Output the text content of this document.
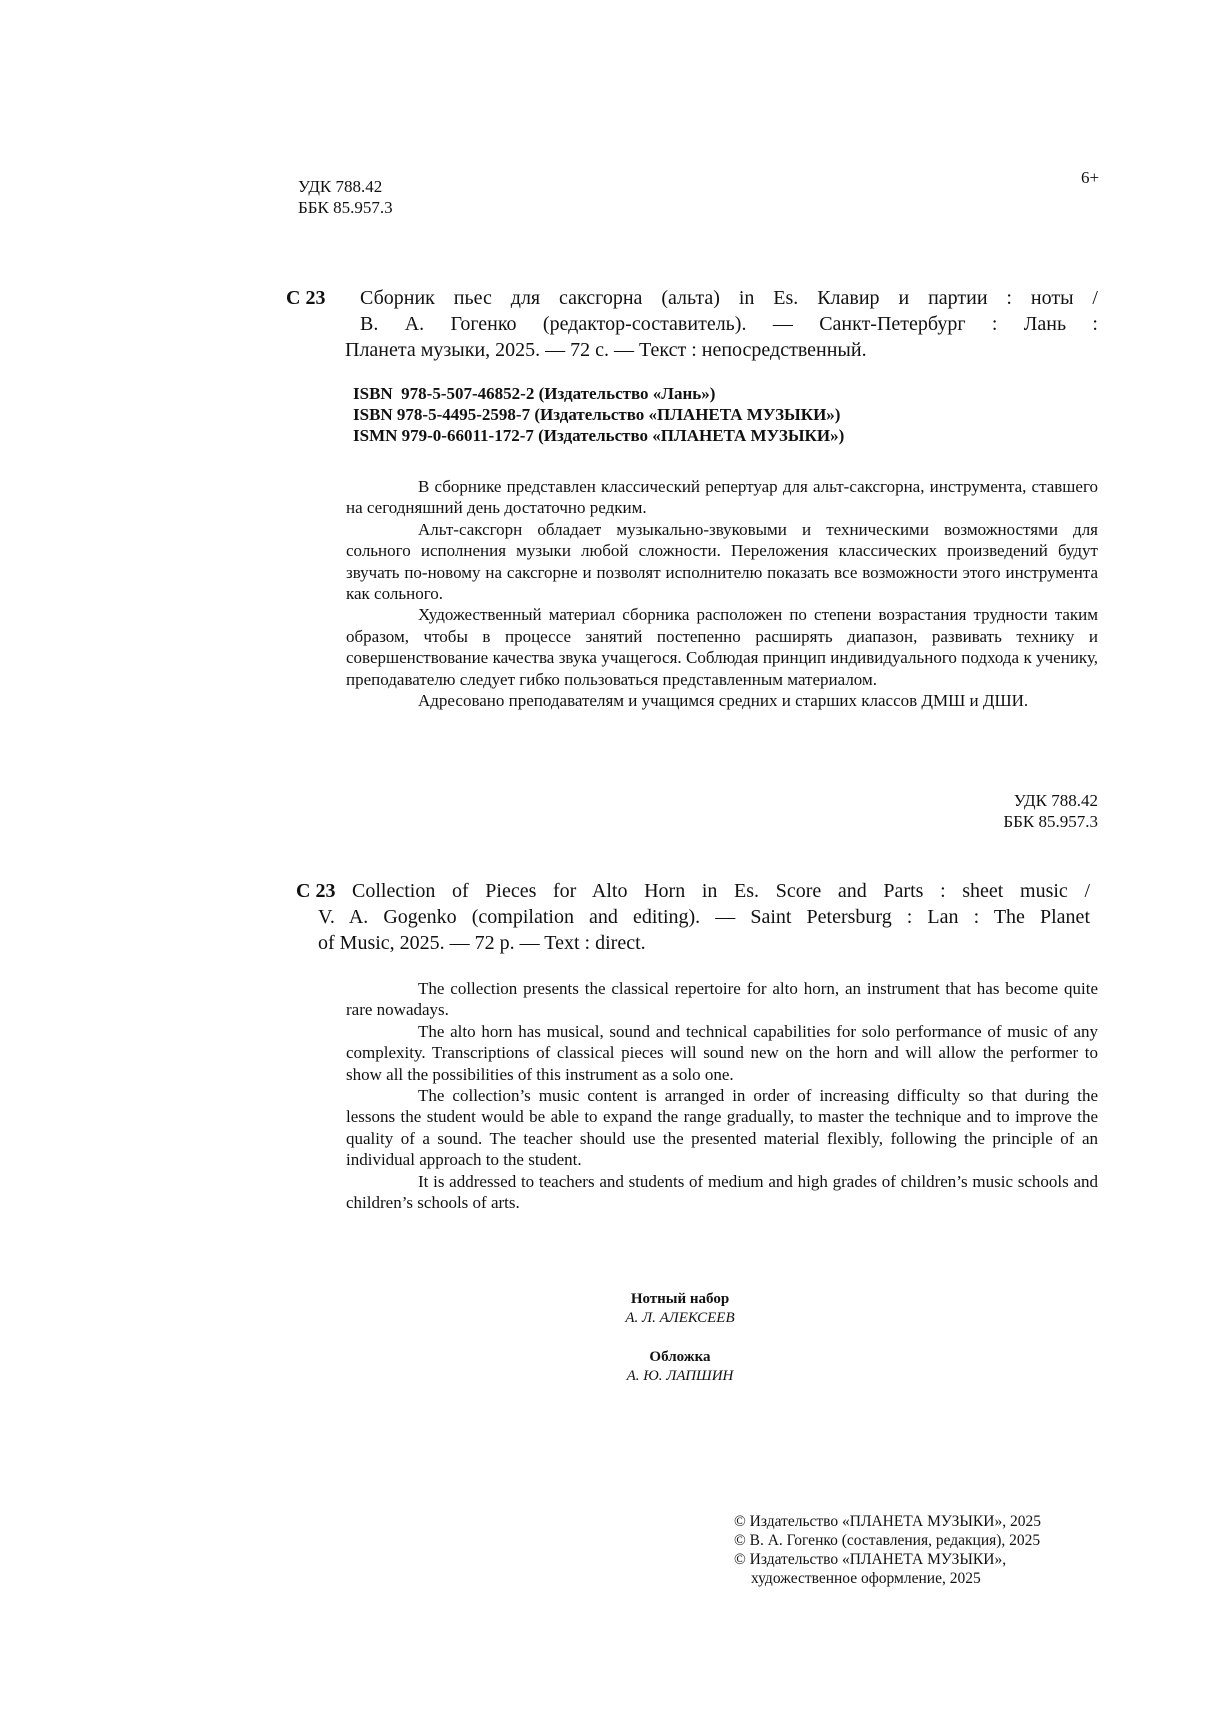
УДК 788.42
ББК 85.957.3
6+
С 23 Сборник пьес для саксгорна (альта) in Es. Клавир и партии : ноты /
В. А. Гогенко (редактор-составитель). — Санкт-Петербург : Лань :
Планета музыки, 2025. — 72 с. — Текст : непосредственный.
ISBN  978-5-507-46852-2 (Издательство «Лань»)
ISBN 978-5-4495-2598-7 (Издательство «ПЛАНЕТА МУЗЫКИ»)
ISMN 979-0-66011-172-7 (Издательство «ПЛАНЕТА МУЗЫКИ»)

В сборнике представлен классический репертуар для альт-саксгорна, инструмента, ставшего на сегодняшний день достаточно редким.

Альт-саксгорн обладает музыкально-звуковыми и техническими возможностями для сольного исполнения музыки любой сложности. Переложения классических произведений будут звучать по-новому на саксгорне и позволят исполнителю показать все возможности этого инструмента как сольного.

Художественный материал сборника расположен по степени возрастания трудности таким образом, чтобы в процессе занятий постепенно расширять диапазон, развивать технику и совершенствование качества звука учащегося. Соблюдая принцип индивидуального подхода к ученику, преподавателю следует гибко пользоваться представленным материалом.

Адресовано преподавателям и учащимся средних и старших классов ДМШ и ДШИ.

УДК 788.42
ББК 85.957.3
С 23 Collection of Pieces for Alto Horn in Es. Score and Parts : sheet music /
V. A. Gogenko (compilation and editing). — Saint Petersburg : Lan : The Planet
of Music, 2025. — 72 p. — Text : direct.

The collection presents the classical repertoire for alto horn, an instrument that has become quite rare nowadays.

The alto horn has musical, sound and technical capabilities for solo performance of music of any complexity. Transcriptions of classical pieces will sound new on the horn and will allow the performer to show all the possibilities of this instrument as a solo one.

The collection’s music content is arranged in order of increasing difficulty so that during the lessons the student would be able to expand the range gradually, to master the technique and to improve the quality of a sound. The teacher should use the presented material flexibly, following the principle of an individual approach to the student.

It is addressed to teachers and students of medium and high grades of children’s music schools and children’s schools of arts.

Нотный набор
А. Л. АЛЕКСЕЕВ
Обложка
А. Ю. ЛАПШИН
© Издательство «ПЛАНЕТА МУЗЫКИ», 2025
© В. А. Гогенко (составления, редакция), 2025
© Издательство «ПЛАНЕТА МУЗЫКИ», художественное оформление, 2025
